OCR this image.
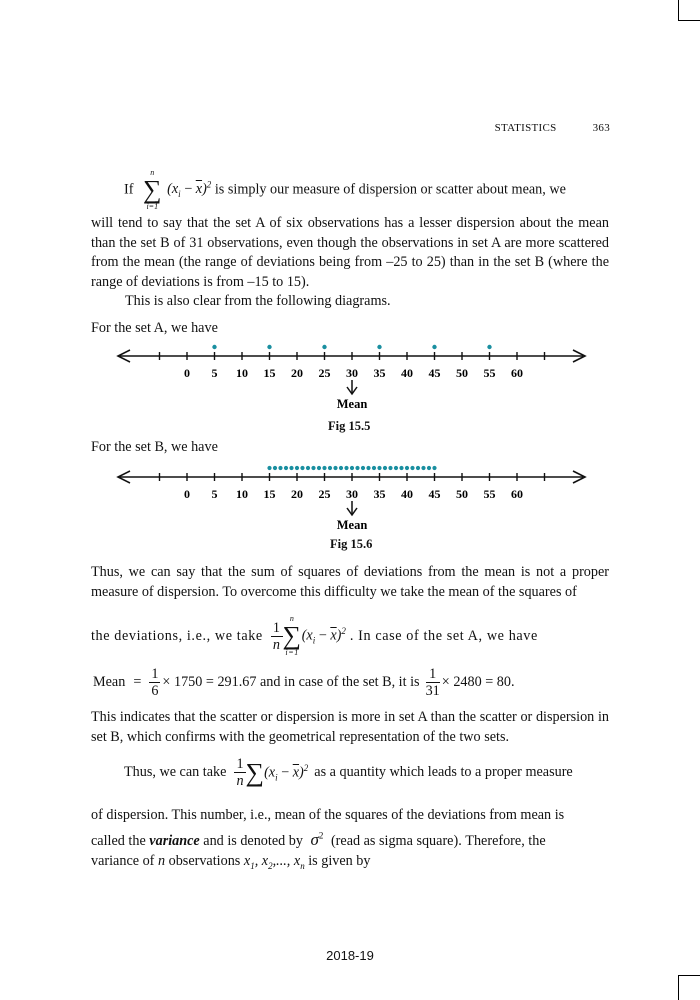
STATISTICS	363
If
n
∑
i=1
$(x_i - \overline{x})^2$ is simply our measure of dispersion or scatter about mean, we

will tend to say that the set A of six observations has a lesser dispersion about the mean than the set B of 31 observations, even though the observations in set A are more scattered from the mean (the range of deviations being from –25 to 25) than in the set B (where the range of deviations is from –15 to 15).

This is also clear from the following diagrams.

For the set A, we have

0 5 10 15 20 25 30 35 40 45 50 55 60
Mean
0 5 10 15 20 25 30 35 40 45 50 55 60
Mean
Fig 15.5

For the set B, we have

Fig 15.6

Thus, we can say that the sum of squares of deviations from the mean is not a proper measure of dispersion. To overcome this difficulty we take the mean of the squares of

the deviations, i.e., we take $\frac{1}{n}$
n
∑
i=1
$(x_i - \overline{x})^2$ . In case of the set A, we have
Mean = $\frac{1}{6} \times 1750 = 291.67$ and in case of the set B, it is $\frac{1}{31} \times 2480 = 80$.

This indicates that the scatter or dispersion is more in set A than the scatter or dispersion in set B, which confirms with the geometrical representation of the two sets.

Thus, we can take $\frac{1}{n}$ ∑ $(x_i - \overline{x})^2$ as a quantity which leads to a proper measure

of dispersion. This number, i.e., mean of the squares of the deviations from mean is

called the variance and is denoted by $\sigma^2$ (read as sigma square). Therefore, the
variance of n observations $x_1$, $x_2$,..., $x_n$ is given by
2018-19
